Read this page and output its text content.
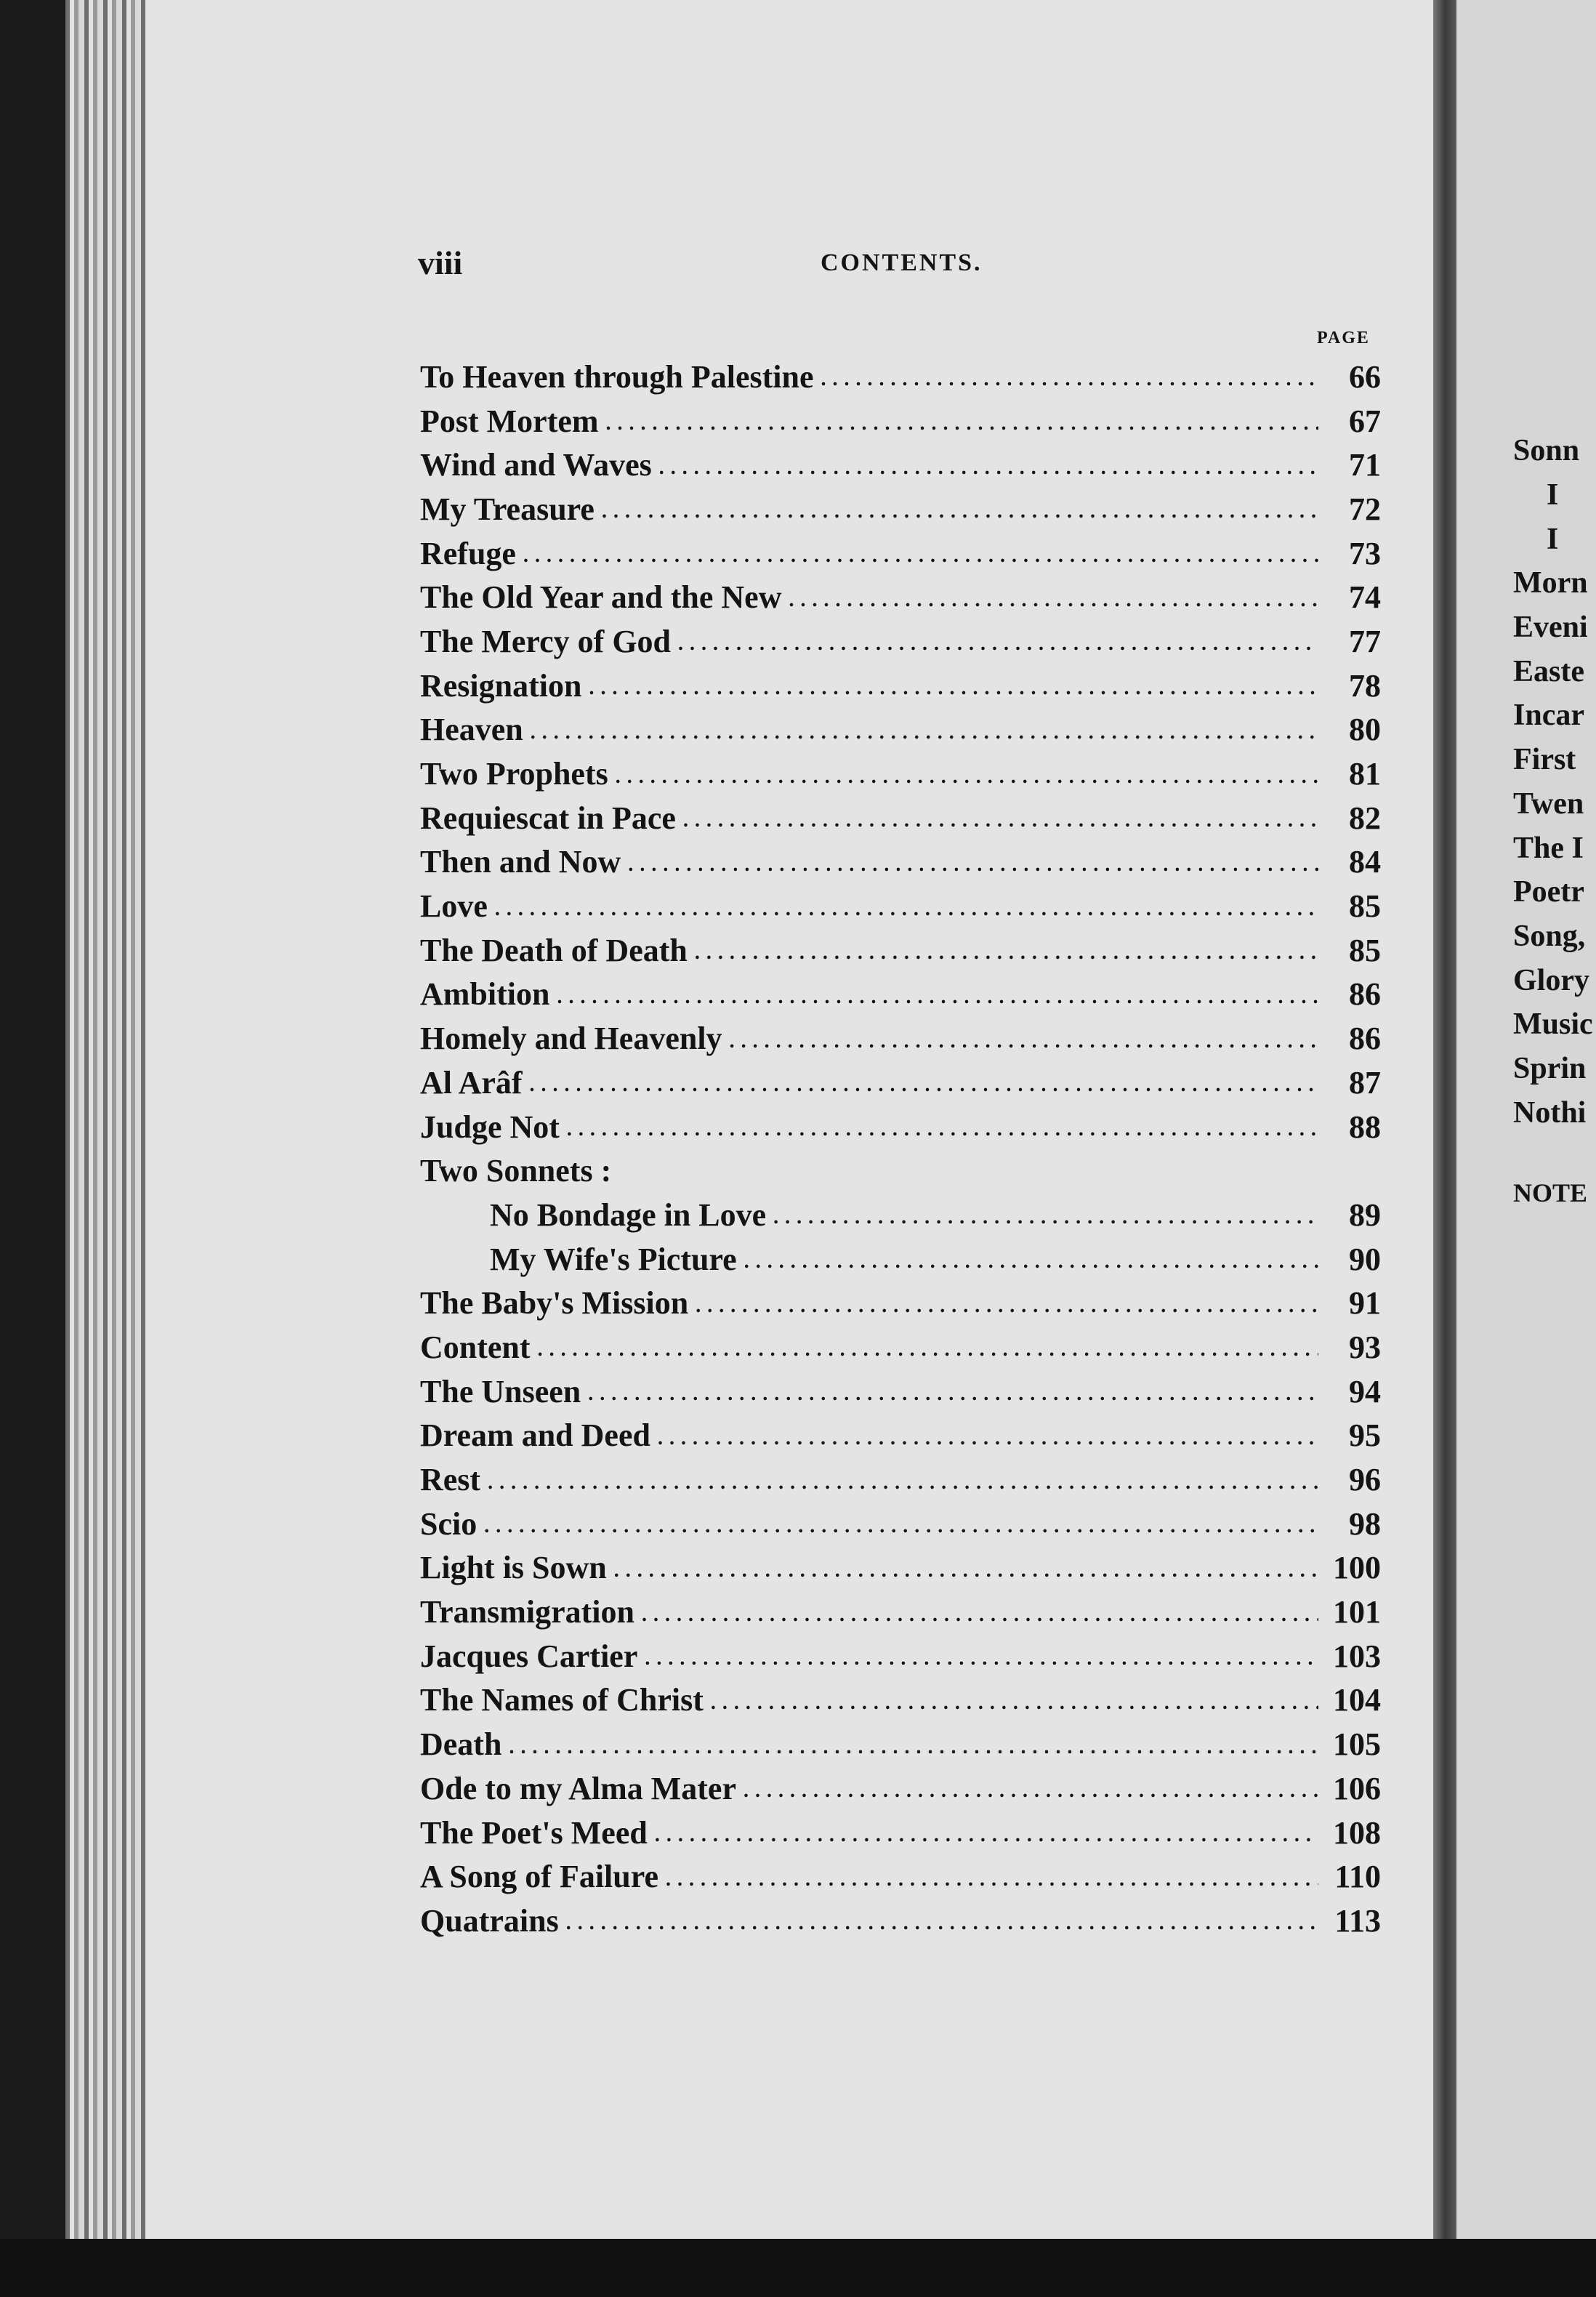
Sonn
I
I
Morn
Eveni
Easte
Incar
First
Twen
The I
Poetr
Song,
Glory
Music
Sprin
Nothi
NOTE
viii	CONTENTS.
PAGE
To Heaven through Palestine . . .	66
Post Mortem . . .	67
Wind and Waves . . .	71
My Treasure . . .	72
Refuge . . .	73
The Old Year and the New . . .	74
The Mercy of God . . .	77
Resignation . . .	78
Heaven . . .	80
Two Prophets . . .	81
Requiescat in Pace . . .	82
Then and Now . . .	84
Love . . .	85
The Death of Death . . .	85
Ambition . . .	86
Homely and Heavenly . . .	86
Al Arâf . . .	87
Judge Not . . .	88
Two Sonnets :
No Bondage in Love . . .	89
My Wife's Picture . . .	90
The Baby's Mission . . .	91
Content . . .	93
The Unseen . . .	94
Dream and Deed . . .	95
Rest . . .	96
Scio . . .	98
Light is Sown . . .	100
Transmigration . . .	101
Jacques Cartier . . .	103
The Names of Christ . . .	104
Death . . .	105
Ode to my Alma Mater . . .	106
The Poet's Meed . . .	108
A Song of Failure . . .	110
Quatrains . . .	113
